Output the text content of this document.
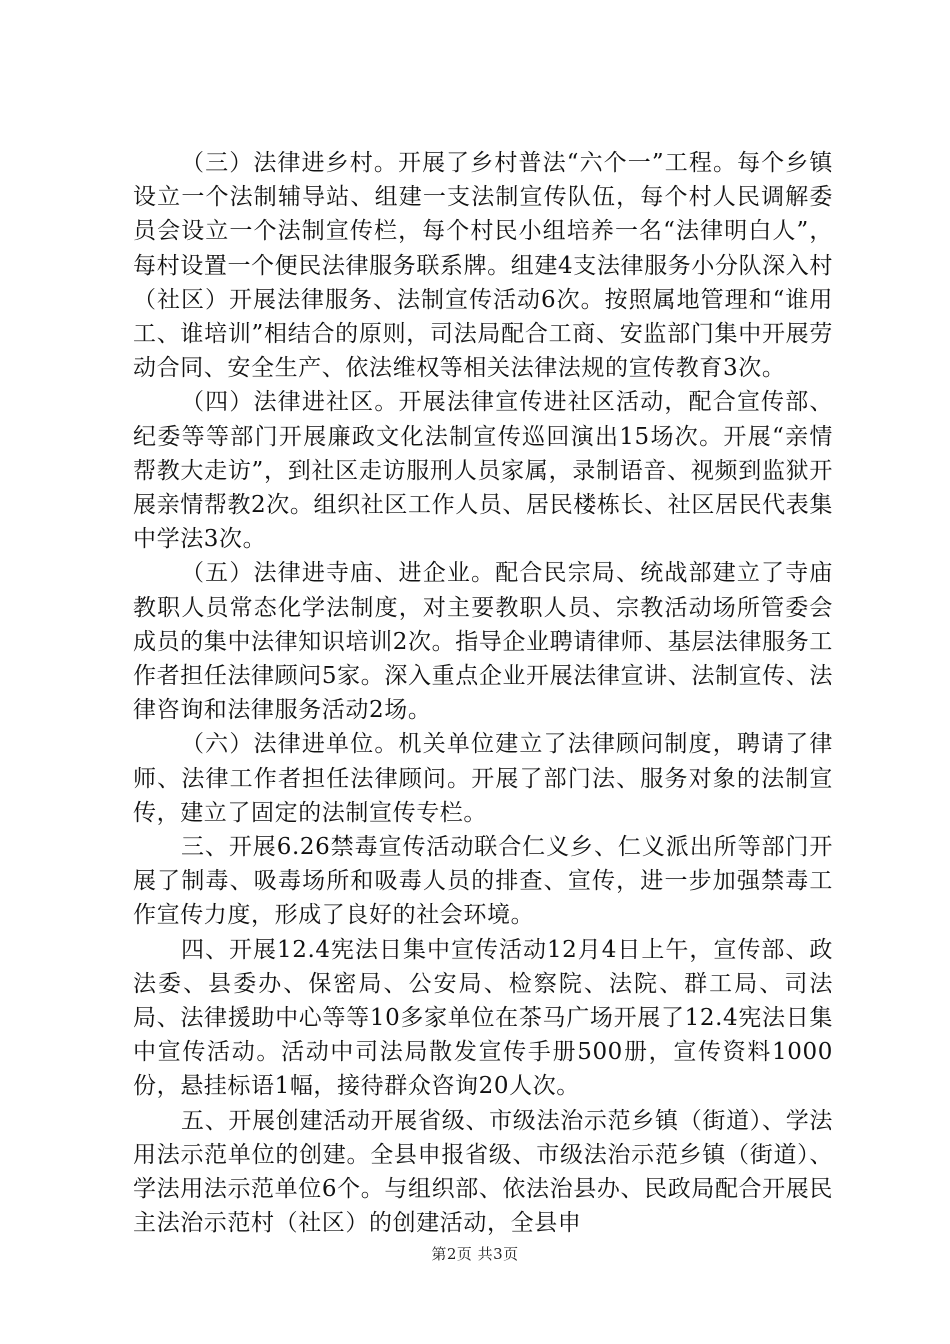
（三）法律进乡村。开展了乡村普法“六个一”工程。每个乡镇设立一个法制辅导站、组建一支法制宣传队伍，每个村人民调解委员会设立一个法制宣传栏，每个村民小组培养一名“法律明白人”，每村设置一个便民法律服务联系牌。组建4支法律服务小分队深入村（社区）开展法律服务、法制宣传活动6次。按照属地管理和“谁用工、谁培训”相结合的原则，司法局配合工商、安监部门集中开展劳动合同、安全生产、依法维权等相关法律法规的宣传教育3次。

（四）法律进社区。开展法律宣传进社区活动，配合宣传部、纪委等等部门开展廉政文化法制宣传巡回演出15场次。开展“亲情帮教大走访”，到社区走访服刑人员家属，录制语音、视频到监狱开展亲情帮教2次。组织社区工作人员、居民楼栋长、社区居民代表集中学法3次。

（五）法律进寺庙、进企业。配合民宗局、统战部建立了寺庙教职人员常态化学法制度，对主要教职人员、宗教活动场所管委会成员的集中法律知识培训2次。指导企业聘请律师、基层法律服务工作者担任法律顾问5家。深入重点企业开展法律宣讲、法制宣传、法律咨询和法律服务活动2场。

（六）法律进单位。机关单位建立了法律顾问制度，聘请了律师、法律工作者担任法律顾问。开展了部门法、服务对象的法制宣传，建立了固定的法制宣传专栏。

三、开展6.26禁毒宣传活动联合仁义乡、仁义派出所等部门开展了制毒、吸毒场所和吸毒人员的排查、宣传，进一步加强禁毒工作宣传力度，形成了良好的社会环境。

四、开展12.4宪法日集中宣传活动12月4日上午，宣传部、政法委、县委办、保密局、公安局、检察院、法院、群工局、司法局、法律援助中心等等10多家单位在茶马广场开展了12.4宪法日集中宣传活动。活动中司法局散发宣传手册500册，宣传资料1000份，悬挂标语1幅，接待群众咨询20人次。

五、开展创建活动开展省级、市级法治示范乡镇（街道）、学法用法示范单位的创建。全县申报省级、市级法治示范乡镇（街道）、学法用法示范单位6个。与组织部、依法治县办、民政局配合开展民主法治示范村（社区）的创建活动，全县申

第2页 共3页
